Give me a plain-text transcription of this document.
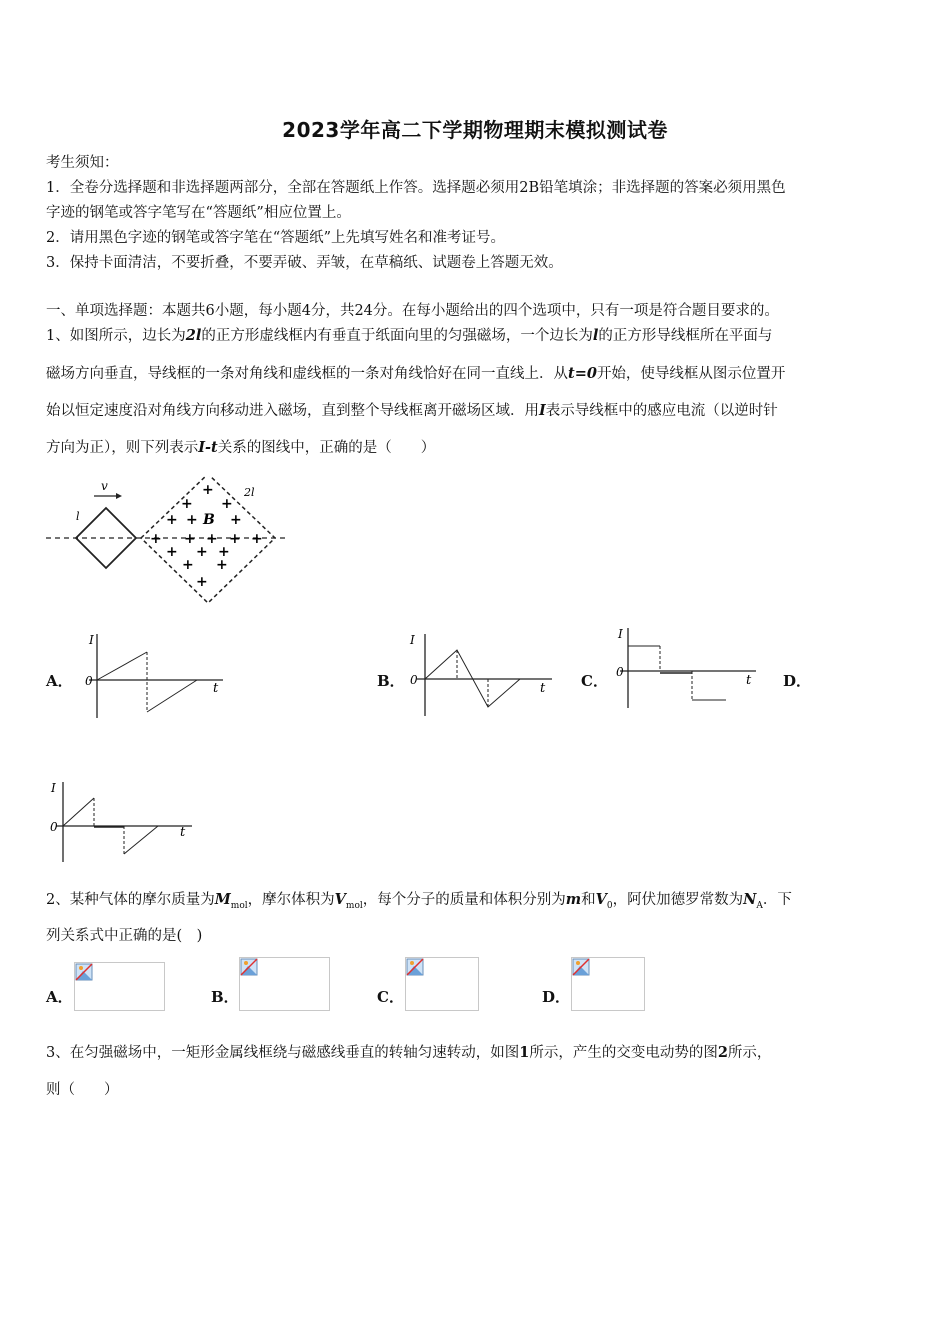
2023学年高二下学期物理期末模拟测试卷
考生须知：
1．全卷分选择题和非选择题两部分，全部在答题纸上作答。选择题必须用2B铅笔填涂；非选择题的答案必须用黑色
字迹的钢笔或答字笔写在“答题纸”相应位置上。
2．请用黑色字迹的钢笔或答字笔在“答题纸”上先填写姓名和准考证号。
3．保持卡面清洁，不要折叠，不要弄破、弄皱，在草稿纸、试题卷上答题无效。
一、单项选择题：本题共6小题，每小题4分，共24分。在每小题给出的四个选项中，只有一项是符合题目要求的。
1、如图所示，边长为2l的正方形虚线框内有垂直于纸面向里的匀强磁场，一个边长为l的正方形导线框所在平面与
磁场方向垂直，导线框的一条对角线和虚线框的一条对角线恰好在同一直线上．从t=0开始，使导线框从图示位置开
始以恒定速度沿对角线方向移动进入磁场，直到整个导线框离开磁场区域．用I表示导线框中的感应电流（以逆时针
方向为正），则下列表示I-t关系的图线中，正确的是（　　）
v
l
2l
B
+
+ +
+ + +
+ + + + +
+ + +
+ +
+
A．
I
0	t	B．
I
0
t C．
I
0
t D．
I
0	t
2、某种气体的摩尔质量为$M_{mol}$，摩尔体积为$V_{mol}$，每个分子的质量和体积分别为m和$V_0$，阿伏加德罗常数为$N_A$．下
列关系式中正确的是(　)
A．	B．	C．	D．
3、在匀强磁场中，一矩形金属线框绕与磁感线垂直的转轴匀速转动，如图1所示，产生的交变电动势的图2所示，
则（　　）
